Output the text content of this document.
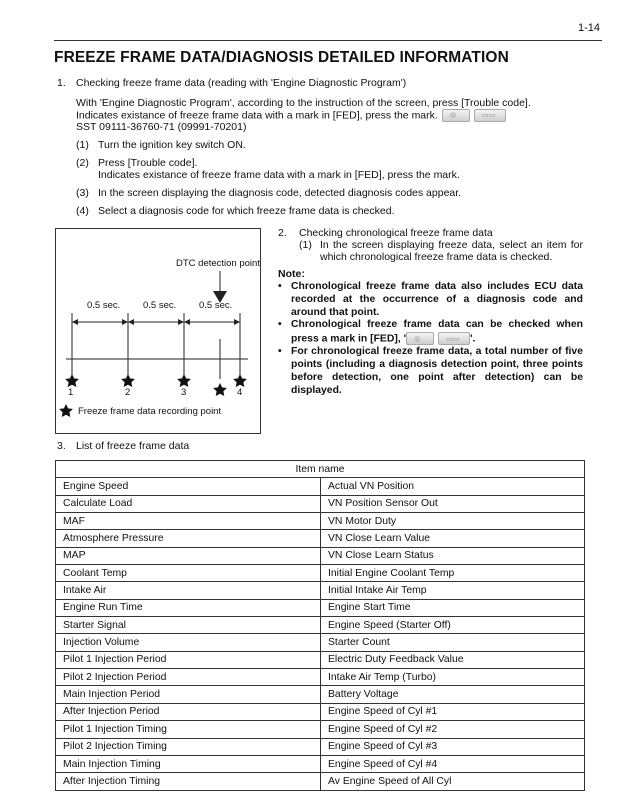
1-14
FREEZE FRAME DATA/DIAGNOSIS DETAILED INFORMATION
1. Checking freeze frame data (reading with 'Engine Diagnostic Program')
With 'Engine Diagnostic Program', according to the instruction of the screen, press [Trouble code].
Indicates existance of freeze frame data with a mark in [FED], press the mark. ◎	▭▭
SST 09111-36760-71 (09991-70201)
(1) Turn the ignition key switch ON.
(2) Press [Trouble code].
Indicates existance of freeze frame data with a mark in [FED], press the mark.
(3) In the screen displaying the diagnosis code, detected diagnosis codes appear.
(4) Select a diagnosis code for which freeze frame data is checked.
DTC detection point
0.5 sec. 0.5 sec. 0.5 sec.
1	2	3	4
Freeze frame data recording point
2. Checking chronological freeze frame data
(1) In the screen displaying freeze data, select an item for
which chronological freeze frame data is checked.
Note:
• Chronological freeze frame data also includes ECU data recorded at the occurrence of a diagnosis code and around that point.
• Chronological freeze frame data can be checked when press a mark in [FED], ' ◎	▭▭ '.
• For chronological freeze frame data, a total number of five points (including a diagnosis detection point, three points before detection, one point after detection) can be displayed.
3. List of freeze frame data
Item name	
Engine Speed	Actual VN Position
Calculate Load	VN Position Sensor Out
MAF	VN Motor Duty
Atmosphere Pressure	VN Close Learn Value
MAP	VN Close Learn Status
Coolant Temp	Initial Engine Coolant Temp
Intake Air	Initial Intake Air Temp
Engine Run Time	Engine Start Time
Starter Signal	Engine Speed (Starter Off)
Injection Volume	Starter Count
Pilot 1 Injection Period	Electric Duty Feedback Value
Pilot 2 Injection Period	Intake Air Temp (Turbo)
Main Injection Period	Battery Voltage
After Injection Period	Engine Speed of Cyl #1
Pilot 1 Injection Timing	Engine Speed of Cyl #2
Pilot 2 Injection Timing	Engine Speed of Cyl #3
Main Injection Timing	Engine Speed of Cyl #4
After Injection Timing	Av Engine Speed of All Cyl
